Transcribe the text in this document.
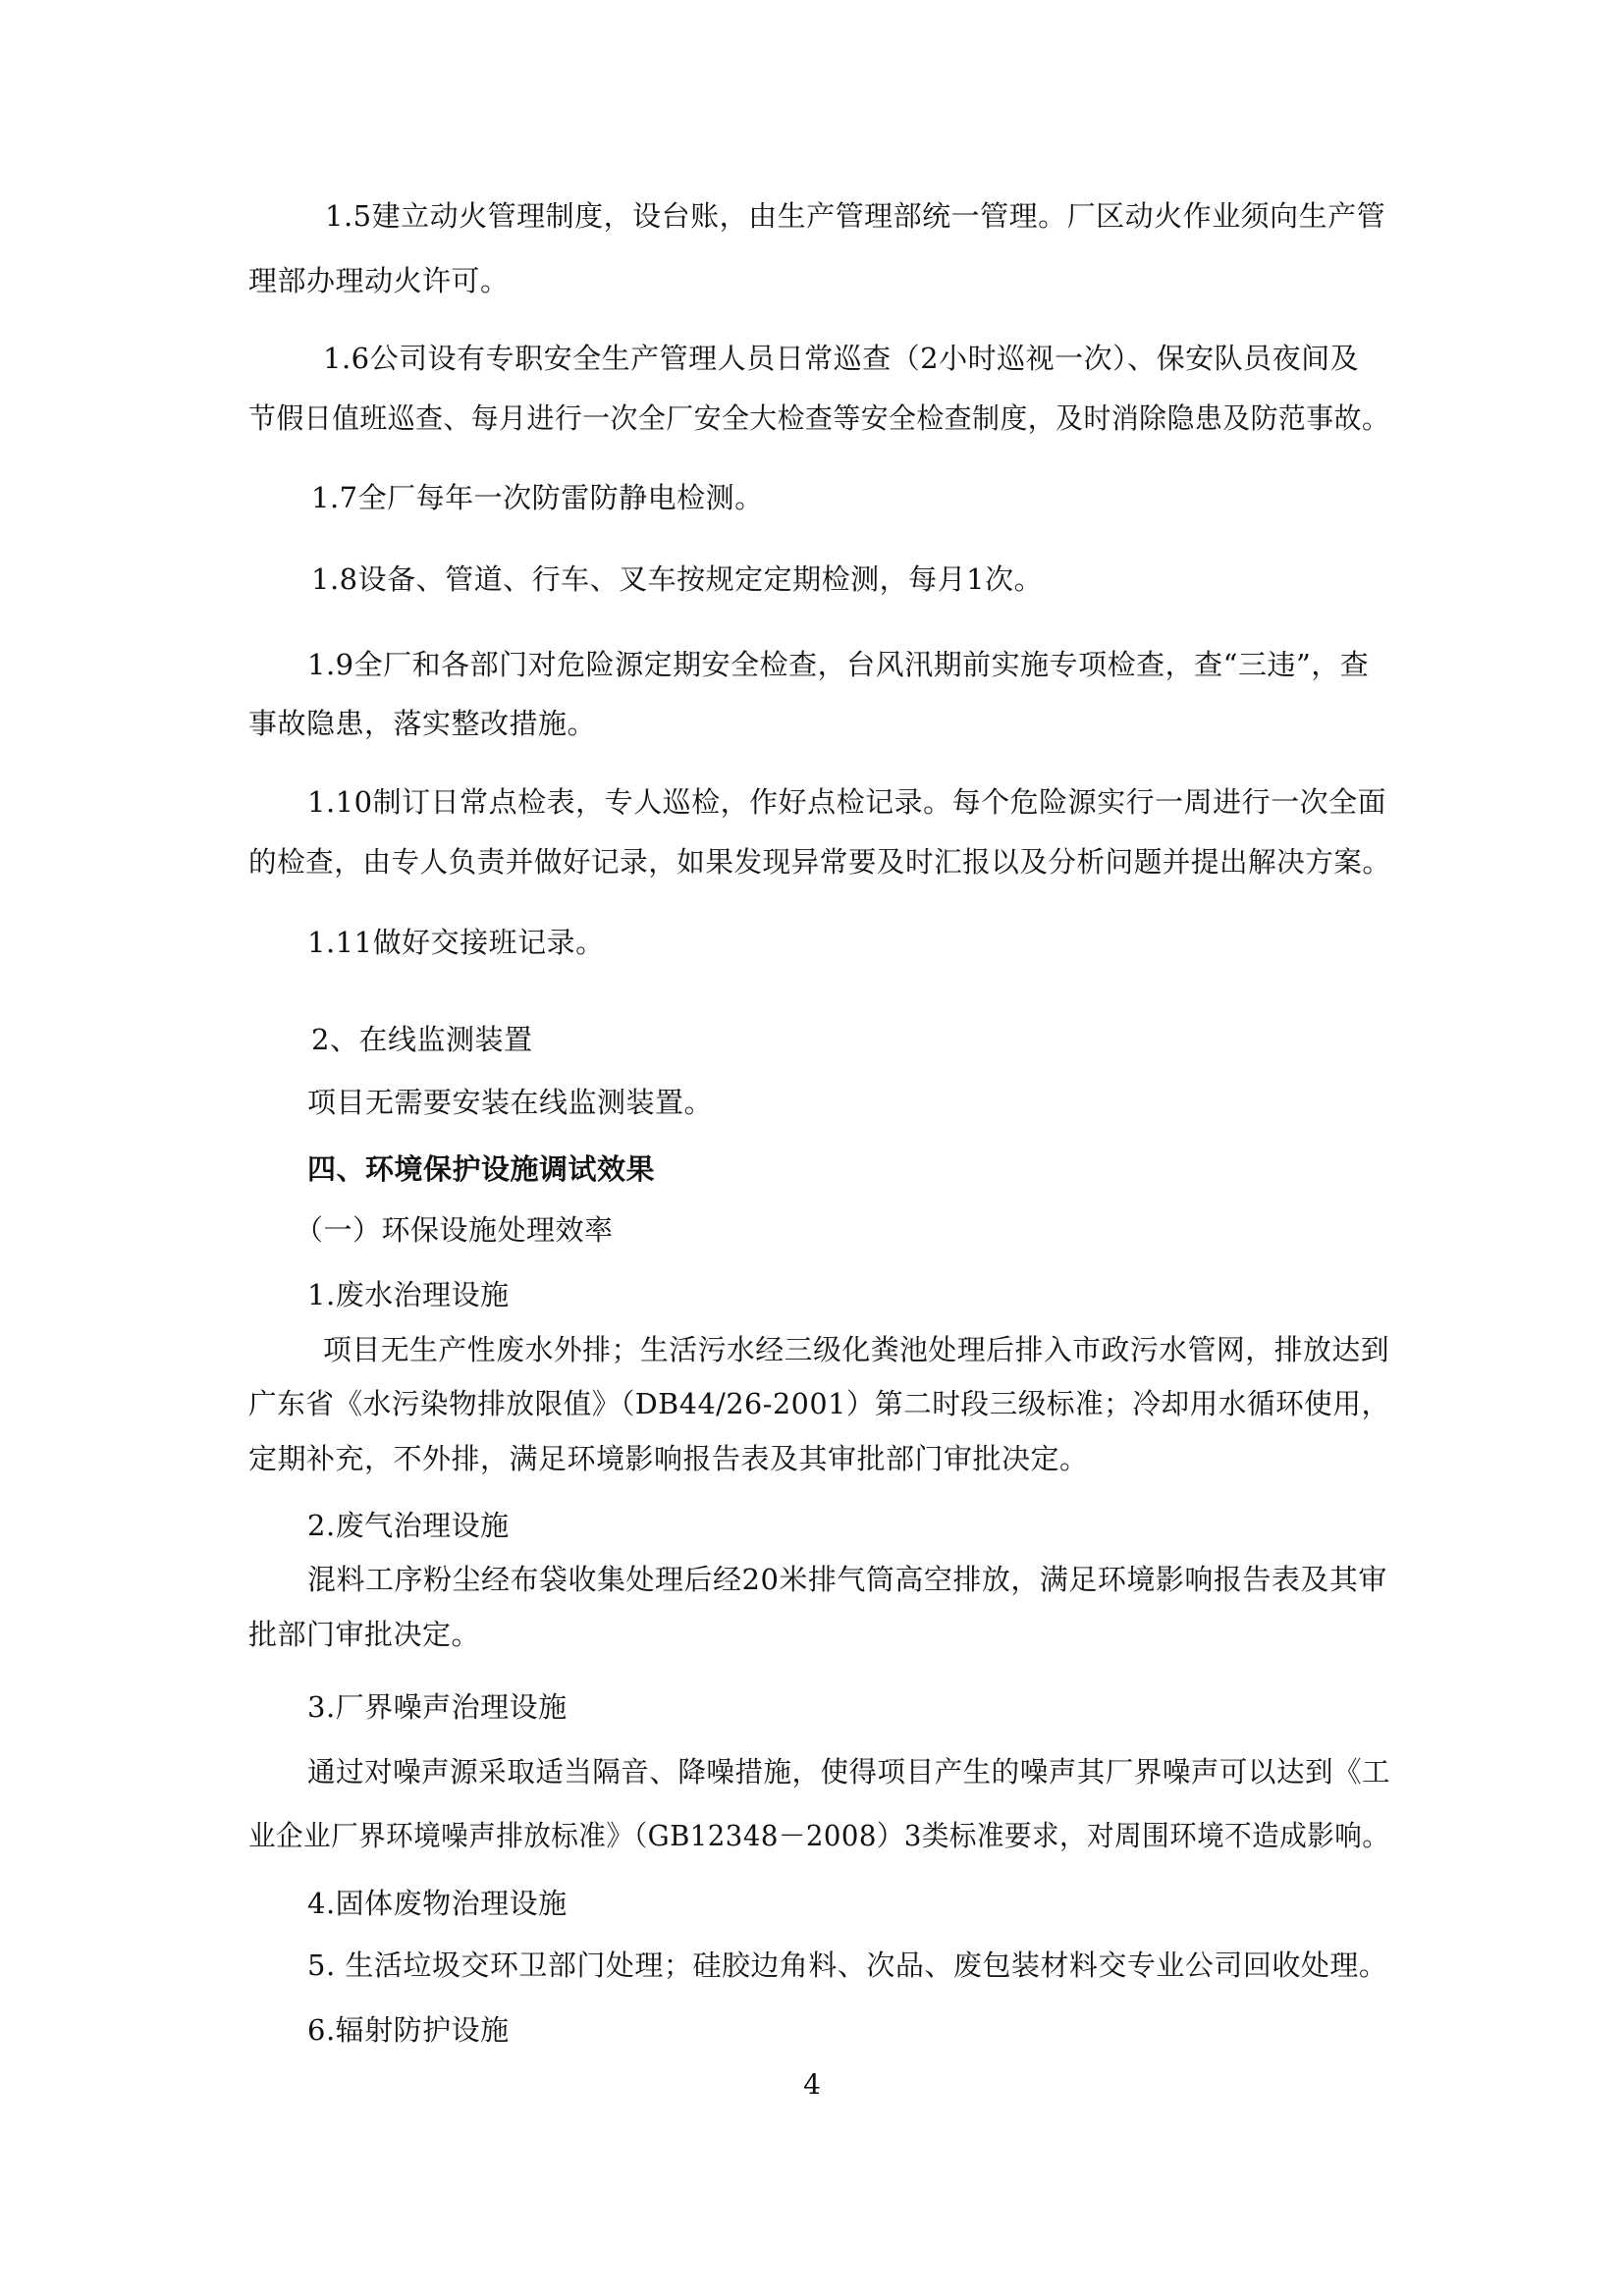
1.5建立动火管理制度，设台账，由生产管理部统一管理。厂区动火作业须向生产管
理部办理动火许可。
1.6公司设有专职安全生产管理人员日常巡查（2小时巡视一次）、保安队员夜间及
节假日值班巡查、每月进行一次全厂安全大检查等安全检查制度，及时消除隐患及防范事故。
1.7全厂每年一次防雷防静电检测。
1.8设备、管道、行车、叉车按规定定期检测，每月1次。
1.9全厂和各部门对危险源定期安全检查，台风汛期前实施专项检查，查“三违”，查
事故隐患，落实整改措施。
1.10制订日常点检表，专人巡检，作好点检记录。每个危险源实行一周进行一次全面
的检查，由专人负责并做好记录，如果发现异常要及时汇报以及分析问题并提出解决方案。
1.11做好交接班记录。
2、在线监测装置
项目无需要安装在线监测装置。
四、环境保护设施调试效果
（一）环保设施处理效率
1.废水治理设施
项目无生产性废水外排；生活污水经三级化粪池处理后排入市政污水管网，排放达到
广东省《水污染物排放限值》（DB44/26-2001）第二时段三级标准；冷却用水循环使用，
定期补充，不外排，满足环境影响报告表及其审批部门审批决定。
2.废气治理设施
混料工序粉尘经布袋收集处理后经20米排气筒高空排放，满足环境影响报告表及其审
批部门审批决定。
3.厂界噪声治理设施
通过对噪声源采取适当隔音、降噪措施，使得项目产生的噪声其厂界噪声可以达到《工
业企业厂界环境噪声排放标准》（GB12348－2008）3类标准要求，对周围环境不造成影响。
4.固体废物治理设施
5. 生活垃圾交环卫部门处理；硅胶边角料、次品、废包装材料交专业公司回收处理。
6.辐射防护设施
4
